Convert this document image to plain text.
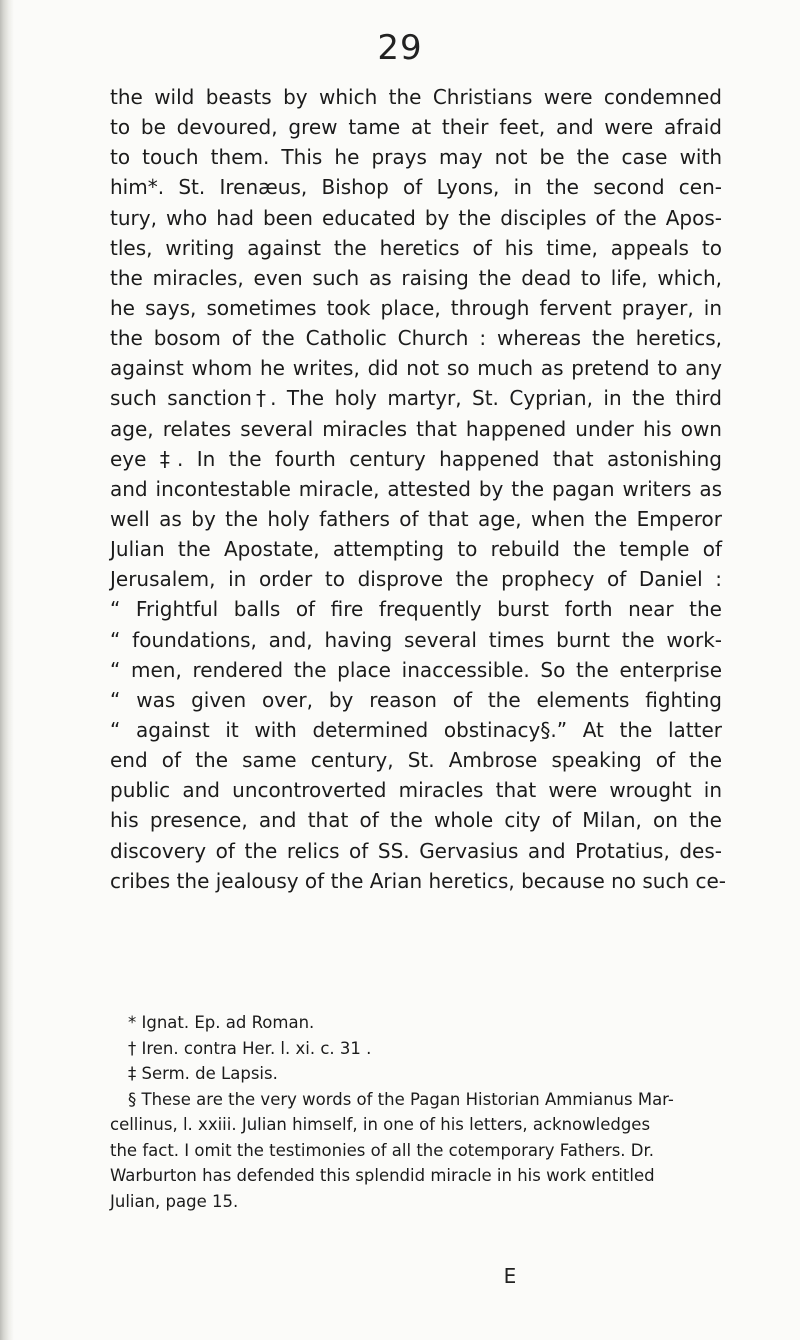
29
the wild beasts by which the Christians were condemned
to be devoured, grew tame at their feet, and were afraid
to touch them. This he prays may not be the case with
him*. St. Irenæus, Bishop of Lyons, in the second cen-
tury, who had been educated by the disciples of the Apos-
tles, writing against the heretics of his time, appeals to
the miracles, even such as raising the dead to life, which,
he says, sometimes took place, through fervent prayer, in
the bosom of the Catholic Church : whereas the heretics,
against whom he writes, did not so much as pretend to any
such sanction†. The holy martyr, St. Cyprian, in the third
age, relates several miracles that happened under his own
eye ‡. In the fourth century happened that astonishing
and incontestable miracle, attested by the pagan writers as
well as by the holy fathers of that age, when the Emperor
Julian the Apostate, attempting to rebuild the temple of
Jerusalem, in order to disprove the prophecy of Daniel :
“ Frightful balls of fire frequently burst forth near the
“ foundations, and, having several times burnt the work-
“ men, rendered the place inaccessible. So the enterprise
“ was given over, by reason of the elements fighting
“ against it with determined obstinacy§.” At the latter
end of the same century, St. Ambrose speaking of the
public and uncontroverted miracles that were wrought in
his presence, and that of the whole city of Milan, on the
discovery of the relics of SS. Gervasius and Protatius, des-
cribes the jealousy of the Arian heretics, because no such ce-
* Ignat. Ep. ad Roman.
† Iren. contra Her. l. xi. c. 31 .
‡ Serm. de Lapsis.
§ These are the very words of the Pagan Historian Ammianus Mar-
cellinus, l. xxiii. Julian himself, in one of his letters, acknowledges
the fact. I omit the testimonies of all the cotemporary Fathers. Dr.
Warburton has defended this splendid miracle in his work entitled
Julian, page 15.
E
